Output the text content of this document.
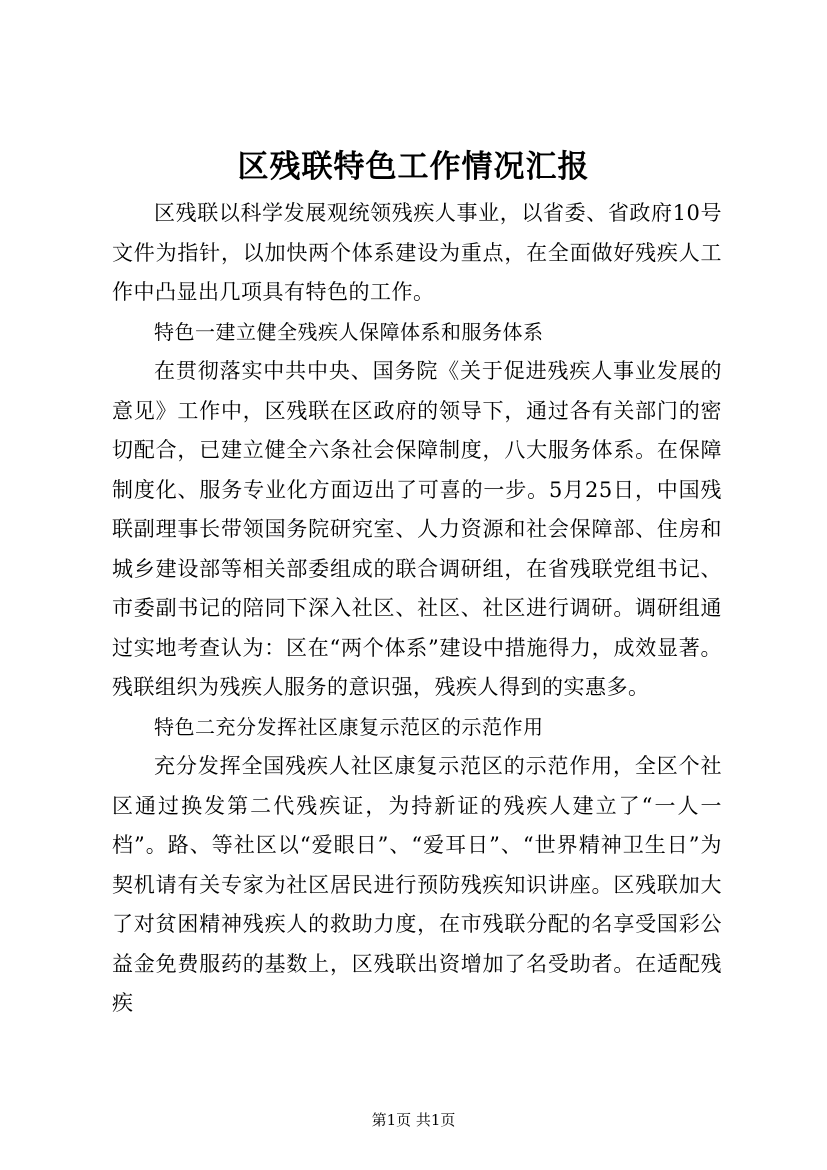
区残联特色工作情况汇报

区残联以科学发展观统领残疾人事业，以省委、省政府10号文件为指针，以加快两个体系建设为重点，在全面做好残疾人工作中凸显出几项具有特色的工作。

特色一建立健全残疾人保障体系和服务体系

在贯彻落实中共中央、国务院《关于促进残疾人事业发展的意见》工作中，区残联在区政府的领导下，通过各有关部门的密切配合，已建立健全六条社会保障制度，八大服务体系。在保障制度化、服务专业化方面迈出了可喜的一步。5月25日，中国残联副理事长带领国务院研究室、人力资源和社会保障部、住房和城乡建设部等相关部委组成的联合调研组，在省残联党组书记、市委副书记的陪同下深入社区、社区、社区进行调研。调研组通过实地考查认为：区在“两个体系”建设中措施得力，成效显著。残联组织为残疾人服务的意识强，残疾人得到的实惠多。

特色二充分发挥社区康复示范区的示范作用

充分发挥全国残疾人社区康复示范区的示范作用，全区个社区通过换发第二代残疾证，为持新证的残疾人建立了“一人一档”。路、等社区以“爱眼日”、“爱耳日”、“世界精神卫生日”为契机请有关专家为社区居民进行预防残疾知识讲座。区残联加大了对贫困精神残疾人的救助力度，在市残联分配的名享受国彩公益金免费服药的基数上，区残联出资增加了名受助者。在适配残疾

第1页 共1页
